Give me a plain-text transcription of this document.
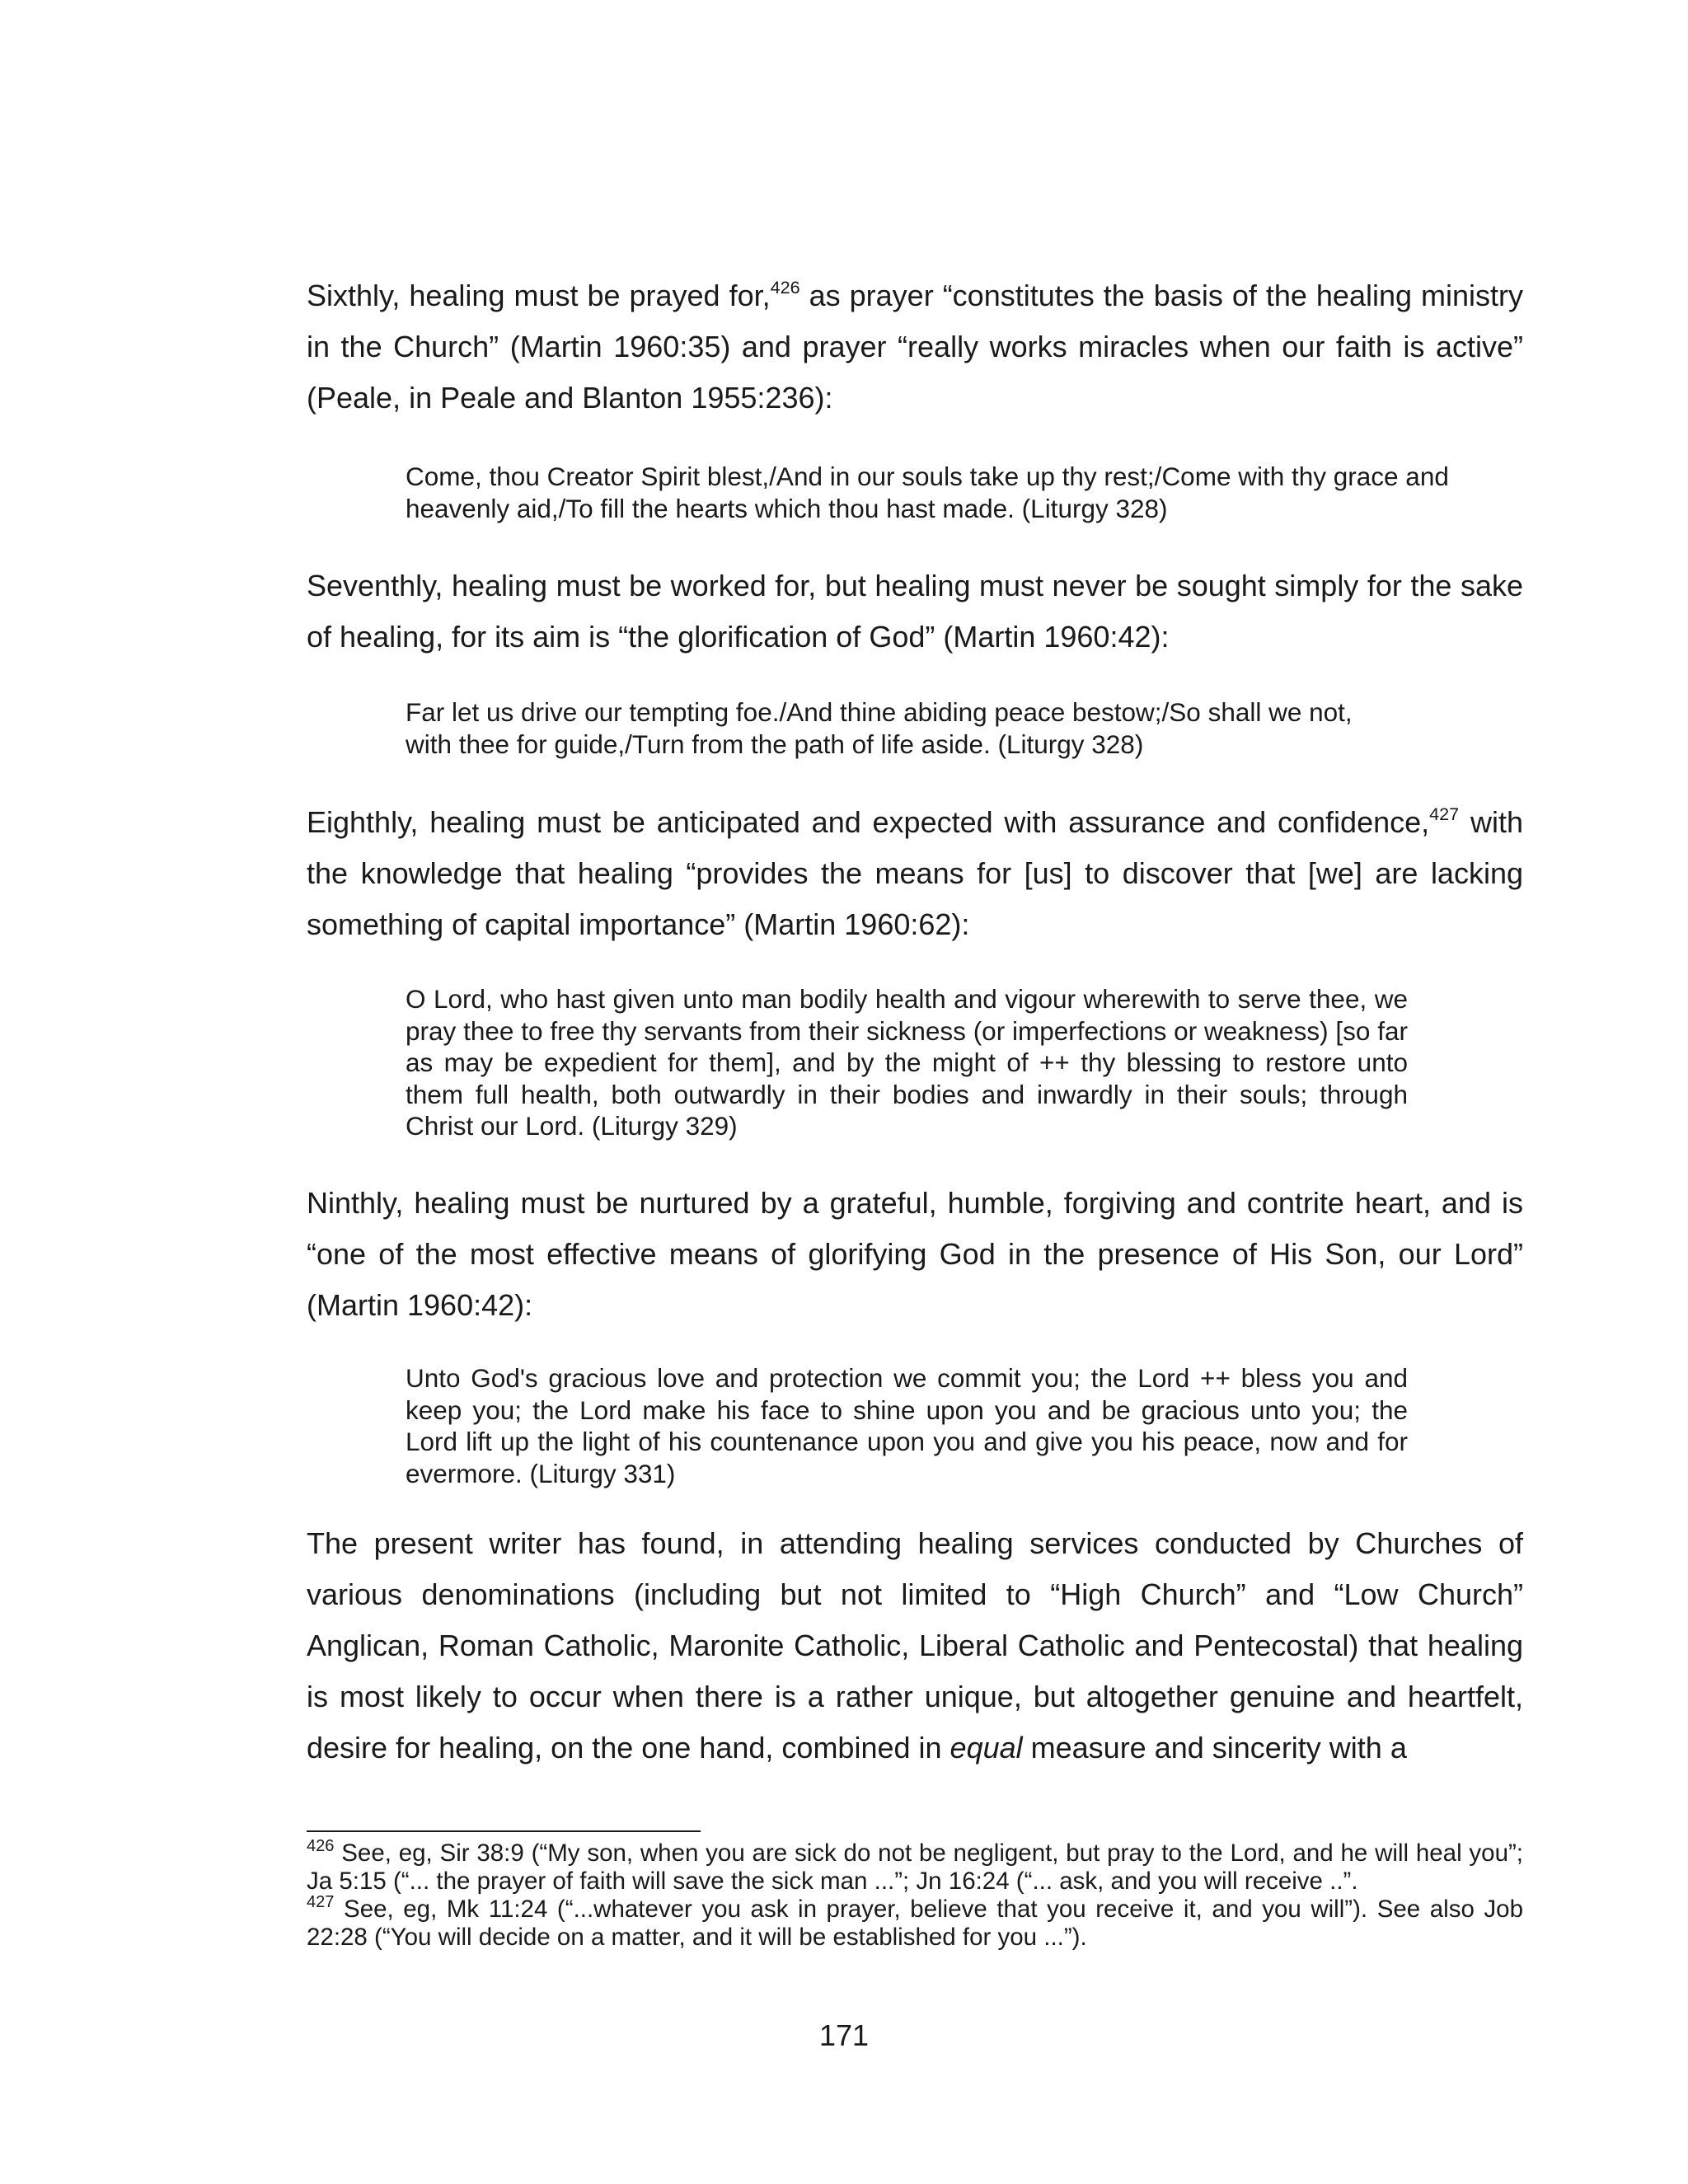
Sixthly, healing must be prayed for,$^{426}$ as prayer “constitutes the basis of the healing ministry in the Church” (Martin 1960:35) and prayer “really works miracles when our faith is active” (Peale, in Peale and Blanton 1955:236):

Come, thou Creator Spirit blest,/And in our souls take up thy rest;/Come with thy grace and
heavenly aid,/To fill the hearts which thou hast made. (Liturgy 328)

Seventhly, healing must be worked for, but healing must never be sought simply for the sake of healing, for its aim is “the glorification of God” (Martin 1960:42):

Far let us drive our tempting foe./And thine abiding peace bestow;/So shall we not,
with thee for guide,/Turn from the path of life aside. (Liturgy 328)

Eighthly, healing must be anticipated and expected with assurance and confidence,$^{427}$ with the knowledge that healing “provides the means for [us] to discover that [we] are lacking something of capital importance” (Martin 1960:62):

O Lord, who hast given unto man bodily health and vigour wherewith to serve thee, we pray thee to free thy servants from their sickness (or imperfections or weakness) [so far as may be expedient for them], and by the might of ++ thy blessing to restore unto them full health, both outwardly in their bodies and inwardly in their souls; through Christ our Lord. (Liturgy 329)

Ninthly, healing must be nurtured by a grateful, humble, forgiving and contrite heart, and is “one of the most effective means of glorifying God in the presence of His Son, our Lord” (Martin 1960:42):

Unto God's gracious love and protection we commit you; the Lord ++ bless you and keep you; the Lord make his face to shine upon you and be gracious unto you; the Lord lift up the light of his countenance upon you and give you his peace, now and for evermore. (Liturgy 331)

The present writer has found, in attending healing services conducted by Churches of various denominations (including but not limited to “High Church” and “Low Church” Anglican, Roman Catholic, Maronite Catholic, Liberal Catholic and Pentecostal) that healing is most likely to occur when there is a rather unique, but altogether genuine and heartfelt, desire for healing, on the one hand, combined in equal measure and sincerity with a

$^{426}$ See, eg, Sir 38:9 (“My son, when you are sick do not be negligent, but pray to the Lord, and he will heal you”; Ja 5:15 (“... the prayer of faith will save the sick man ...”; Jn 16:24 (“... ask, and you will receive ..”.

$^{427}$ See, eg, Mk 11:24 (“...whatever you ask in prayer, believe that you receive it, and you will”). See also Job 22:28 (“You will decide on a matter, and it will be established for you ...”).

171
